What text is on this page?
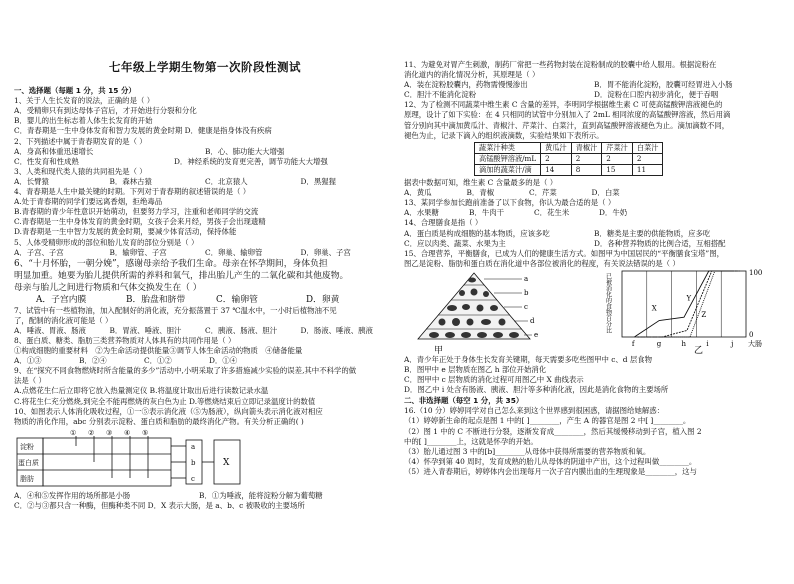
七年级上学期生物第一次阶段性测试
一、选择题（每题 1 分，共 15 分）
1、关于人生长发育的说法，正确的是（ ）
A．受精卵只有到达母体子宫后，才开始进行分裂和分化
B．婴儿的出生标志着人体生长发育的开始
C．青春期是一生中身体发育和智力发展的黄金时期 D．健康是指身体没有疾病
2、下列描述中属于青春期发育的是（ ）
A．身高和体重迅速增长	B．心、肺功能大大增强
C．性发育和性成熟	D．神经系统的发育更完善，调节功能大大增强
3、人类和现代类人猿的共同祖先是（ ）
A．长臂猿	B．森林古猿	C．北京猿人	D．黑猩猩
4、青春期是人生中最关键的时期。下列对于青春期的叙述错误的是（ ）
A.处于青春期的同学们要远离香烟，拒绝毒品
B.青春期的青少年性意识开始萌动，但要努力学习，注重和老师同学的交流
C.青春期是一生中身体发育的黄金时期，女孩子会来月经，男孩子会出现遗精
D.青春期是一生中智力发展的黄金时期，要减少体育活动，保持体能
5、人体受精卵形成的部位和胎儿发育的部位分别是（ ）
A．子宫、子宫	B．输卵管、子宫	C．卵巢、输卵管	D．卵巢、子宫
6、“十月怀胎，一朝分娩”，感谢母亲给予我们生命。母亲在怀孕期间，身体负担
明显加重。她要为胎儿提供所需的养料和氧气，排出胎儿产生的二氧化碳和其他废物。
母亲与胎儿之间进行物质和气体交换发生在（ ）
A．子宫内膜	B．胎盘和脐带	C．输卵管	D．卵黄
7、试管中有一些植物油，加入配制好的消化液，充分振荡置于 37 ℃温水中，一小时后植物油不见
了，配制的消化液可能是（ ）
A．唾液、胃液、肠液	B．胃液、唾液、胆汁	C．胰液、肠液、胆汁	D．肠液、唾液、胰液
8、蛋白质、糖类、脂肪三类营养物质对人体具有的共同作用是（ ）
①构成细胞的重要材料　②为生命活动提供能量③调节人体生命活动的物质　④储备能量
A．①③	B．②④	C．①②	D．①④
9、在“探究不同食物燃烧时所含能量的多少”活动中,小明采取了许多措施减少实验的误差,其中不科学的做
法是（ ）
A.点燃花生仁后立即将它放入热量测定仪 B.将温度计取出后进行读数记录水温
C.将花生仁充分燃烧,到完全不能再燃烧的灰白色为止 D.等燃烧结束后立即记录温度计的数值
10、如图表示人体消化吸收过程，①一⑤表示消化液（⑤为肠液），纵向箭头表示消化液对相应
物质的消化作用，abc 分别表示淀粉、蛋白质和脂肪的最终消化产物。有关分析正确的( )
① ② ③ ④ ⑤
淀粉
蛋白质
脂肪
a
b
c
X
A．④和⑤发挥作用的场所都是小肠	B．①为唾液，能将淀粉分解为葡萄糖
C．②与③都只含一种酶，但酶种类不同 D．X 表示大肠，是 a、b、c 被吸收的主要场所
11、为避免对胃产生刺激，制药厂常把一些药物封装在淀粉制成的胶囊中给人服用。根据淀粉在
消化道内的消化情况分析，其原理是（ ）
A．装在淀粉胶囊内，药物需慢慢渗出	B．胃不能消化淀粉，胶囊可经胃进入小肠
C．胆汁不能消化淀粉	D．淀粉在口腔内初步消化，便于吞咽
12、为了检测不同蔬菜中维生素 C 含量的差异，李明同学根据维生素 C 可使高锰酸钾溶液褪色的
原理，设计了如下实验：在 4 只相同的试管中分别加入了 2mL 相同浓度的高锰酸钾溶液，然后用滴
管分别向其中滴加黄瓜汁、青椒汁、芹菜汁、白菜汁，直到高锰酸钾溶液褪色为止。滴加滴数不同，
褪色为止，记录下滴入的组织液滴数，实验结果如下表所示。
蔬菜汁种类	黄瓜汁	青椒汁	芹菜汁	白菜汁
高锰酸钾溶液/mL	2	2	2	2
滴加的蔬菜汁/滴	14	8	15	11
据表中数据可知，维生素 C 含量最多的是（ ）
A．黄瓜	B．青椒	C．芹菜	D．白菜
13、某同学参加长跑前准备了以下食物，你认为最合适的是（ ）
A．水果糖	B．牛肉干	C．花生米	D．牛奶
14、合理膳食是指（ ）
A．蛋白质是构成细胞的基本物质，应该多吃	B．糖类是主要的供能物质，应多吃
C．应以肉类、蔬菜、水果为主	D．各种营养物质的比例合适，互相搭配
15、合理营养，平衡膳食，已成为人们的健康生活方式。如图甲为中国居民的“平衡膳食宝塔”图，
图乙是淀粉、脂肪和蛋白质在消化道中各部位被消化的程度，有关说法错误的是（ ）
a
b
c
d
e
甲
已被消化的食物百分比	100
0
f	g	h	i	j 大肠
X
Y
Z
乙
A．青少年正处于身体生长发育关键期，每天需要多吃些图甲中 c、d 层食物
B．图甲中 e 层物质在图乙 h 部位开始消化
C．图甲中 c 层物质的消化过程可用图乙中 X 曲线表示
D．图乙中 i 处含有肠液、胰液、胆汁等多种消化液，因此是消化食物的主要场所
二、非选择题（每空 1 分，共 35）
16.（10 分）婷婷同学对自己怎么来到这个世界感到很困惑，请据图给她解惑：
（1）婷婷新生命的起点是图 1 中的[ ]________，产生 A 的器官是图 2 中[ ]________。
（2）图 1 中的 C 不断进行分裂，逐渐发育成________，然后其缓慢移动到子宫，植入图 2
中的[ ]________上，这就是怀孕的开始。
（3）胎儿通过图 3 中的[b]________从母体中获得所需要的营养物质和氧。
（4）怀孕到第 40 周时，发育成熟的胎儿从母体的阴道中产出，这个过程叫做________。
（5）进入青春期后，婷婷体内会出现每月一次子宫内膜出血的生理现象是________，这与
